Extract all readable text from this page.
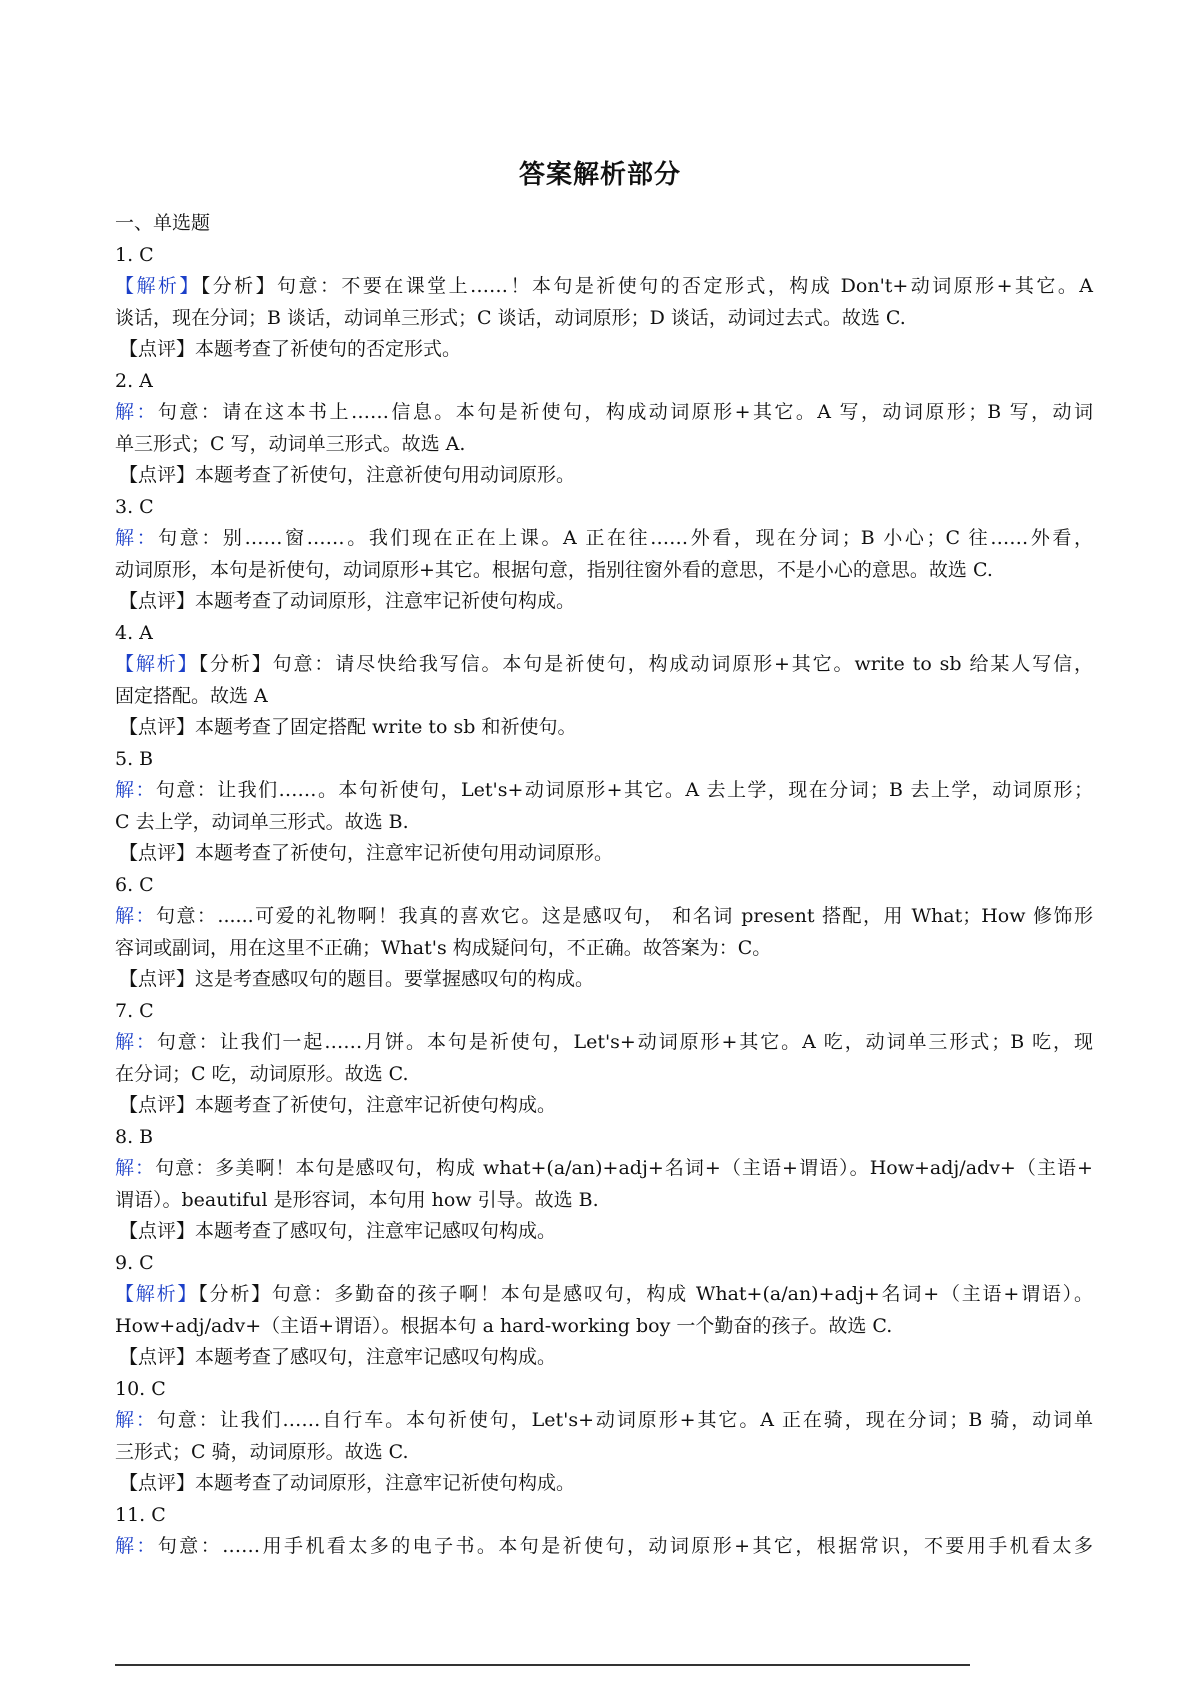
答案解析部分
一、单选题
1. C
【解析】【分析】句意：不要在课堂上……！本句是祈使句的否定形式，构成 Don't+动词原形+其它。A
谈话，现在分词；B 谈话，动词单三形式；C 谈话，动词原形；D 谈话，动词过去式。故选 C.
【点评】本题考查了祈使句的否定形式。
2. A
解：句意：请在这本书上……信息。本句是祈使句，构成动词原形+其它。A 写，动词原形；B 写，动词
单三形式；C 写，动词单三形式。故选 A.
【点评】本题考查了祈使句，注意祈使句用动词原形。
3. C
解：句意：别……窗……。我们现在正在上课。A 正在往……外看，现在分词；B 小心；C 往……外看，
动词原形，本句是祈使句，动词原形+其它。根据句意，指别往窗外看的意思，不是小心的意思。故选 C.
【点评】本题考查了动词原形，注意牢记祈使句构成。
4. A
【解析】【分析】句意：请尽快给我写信。本句是祈使句，构成动词原形+其它。write to sb 给某人写信，
固定搭配。故选 A
【点评】本题考查了固定搭配 write to sb 和祈使句。
5. B
解：句意：让我们……。本句祈使句，Let's+动词原形+其它。A 去上学，现在分词；B 去上学，动词原形；
C 去上学，动词单三形式。故选 B.
【点评】本题考查了祈使句，注意牢记祈使句用动词原形。
6. C
解：句意：......可爱的礼物啊！我真的喜欢它。这是感叹句， 和名词 present 搭配，用 What；How 修饰形
容词或副词，用在这里不正确；What's 构成疑问句，不正确。故答案为：C。
【点评】这是考查感叹句的题目。要掌握感叹句的构成。
7. C
解：句意：让我们一起……月饼。本句是祈使句，Let's+动词原形+其它。A 吃，动词单三形式；B 吃，现
在分词；C 吃，动词原形。故选 C.
【点评】本题考查了祈使句，注意牢记祈使句构成。
8. B
解：句意：多美啊！本句是感叹句，构成 what+(a/an)+adj+名词+（主语+谓语）。How+adj/adv+（主语+
谓语）。beautiful 是形容词，本句用 how 引导。故选 B.
【点评】本题考查了感叹句，注意牢记感叹句构成。
9. C
【解析】【分析】句意：多勤奋的孩子啊！本句是感叹句，构成 What+(a/an)+adj+名词+（主语+谓语）。
How+adj/adv+（主语+谓语）。根据本句 a hard-working boy 一个勤奋的孩子。故选 C.
【点评】本题考查了感叹句，注意牢记感叹句构成。
10. C
解：句意：让我们……自行车。本句祈使句，Let's+动词原形+其它。A 正在骑，现在分词；B 骑，动词单
三形式；C 骑，动词原形。故选 C.
【点评】本题考查了动词原形，注意牢记祈使句构成。
11. C
解：句意：……用手机看太多的电子书。本句是祈使句，动词原形+其它，根据常识，不要用手机看太多
